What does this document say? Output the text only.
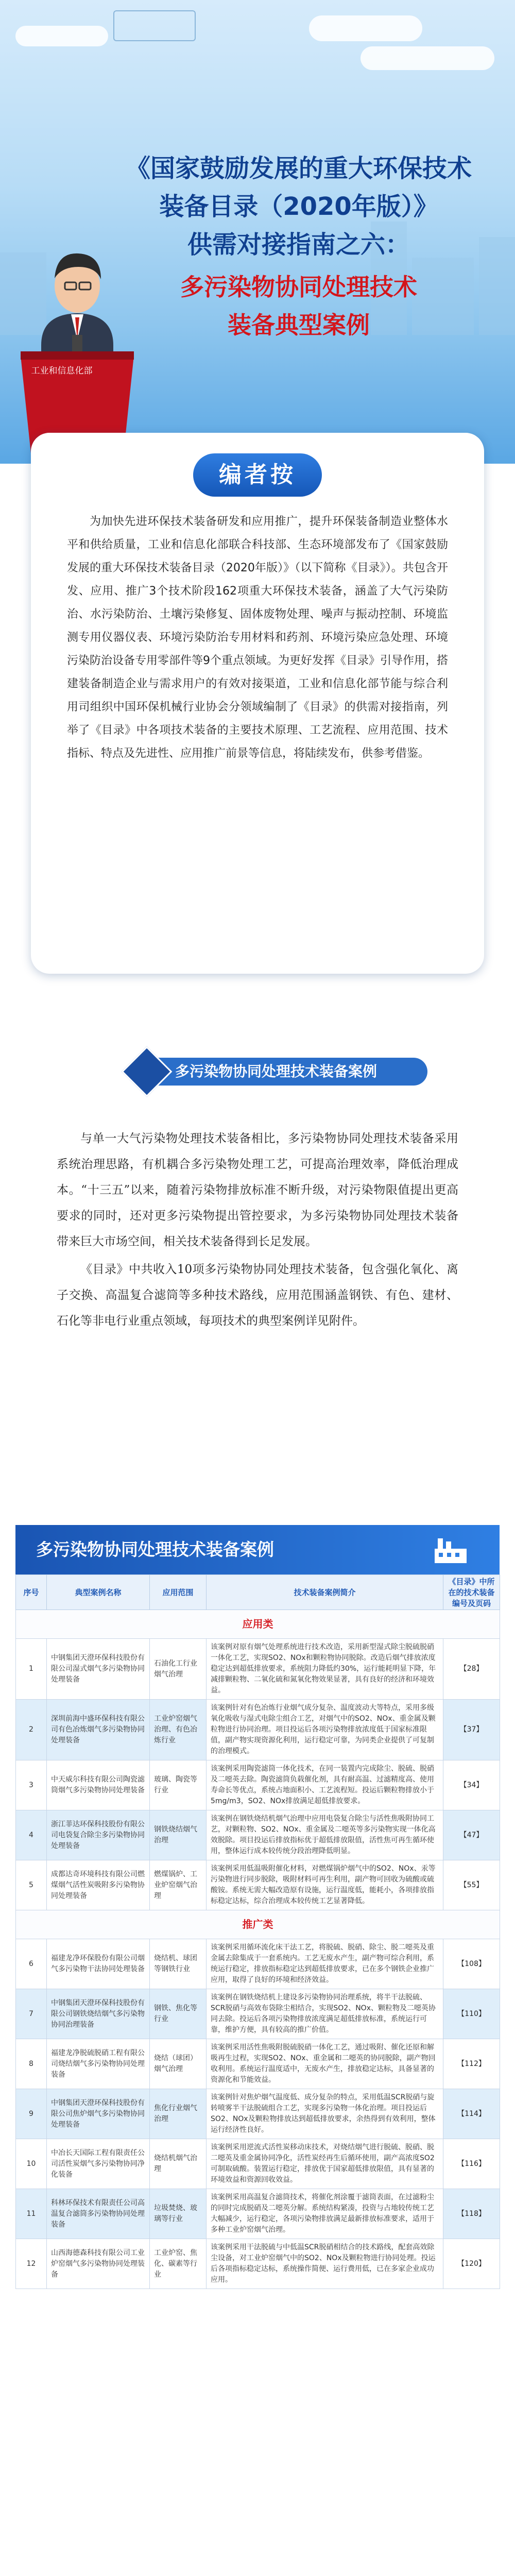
工业和信息化部
《国家鼓励发展的重大环保技术
装备目录（2020年版）》
供需对接指南之六：
多污染物协同处理技术
装备典型案例
编者按
为加快先进环保技术装备研发和应用推广，提升环保装备制造业整体水平和供给质量，工业和信息化部联合科技部、生态环境部发布了《国家鼓励发展的重大环保技术装备目录（2020年版）》（以下简称《目录》）。共包含开发、应用、推广3个技术阶段162项重大环保技术装备，涵盖了大气污染防治、水污染防治、土壤污染修复、固体废物处理、噪声与振动控制、环境监测专用仪器仪表、环境污染防治专用材料和药剂、环境污染应急处理、环境污染防治设备专用零部件等9个重点领域。为更好发挥《目录》引导作用，搭建装备制造企业与需求用户的有效对接渠道，工业和信息化部节能与综合利用司组织中国环保机械行业协会分领域编制了《目录》的供需对接指南，列举了《目录》中各项技术装备的主要技术原理、工艺流程、应用范围、技术指标、特点及先进性、应用推广前景等信息，将陆续发布，供参考借鉴。
多污染物协同处理技术装备案例

与单一大气污染物处理技术装备相比，多污染物协同处理技术装备采用系统治理思路，有机耦合多污染物处理工艺，可提高治理效率，降低治理成本。“十三五”以来，随着污染物排放标准不断升级，对污染物限值提出更高要求的同时，还对更多污染物提出管控要求，为多污染物协同处理技术装备带来巨大市场空间，相关技术装备得到长足发展。

《目录》中共收入10项多污染物协同处理技术装备，包含强化氧化、离子交换、高温复合滤筒等多种技术路线，应用范围涵盖钢铁、有色、建材、石化等非电行业重点领域，每项技术的典型案例详见附件。

多污染物协同处理技术装备案例
序号	典型案例名称	应用范围	技术装备案例简介	《目录》中所在的技术装备编号及页码
应用类				
1	中钢集团天澄环保科技股份有限公司湿式烟气多污染物协同处理装备	石油化工行业烟气治理	该案例对原有烟气处理系统进行技术改造，采用新型湿式除尘脱硫脱硝一体化工艺，实现SO2、NOx和颗粒物协同脱除。改造后烟气排放浓度稳定达到超低排放要求，系统阻力降低约30%，运行能耗明显下降，年减排颗粒物、二氧化硫和氮氧化物效果显著，具有良好的经济和环境效益。	【28】
2	深圳前海中盛环保科技有限公司有色冶炼烟气多污染物协同处理装备	工业炉窑烟气治理、有色冶炼行业	该案例针对有色冶炼行业烟气成分复杂、温度波动大等特点，采用多级氧化吸收与湿式电除尘组合工艺，对烟气中的SO2、NOx、重金属及颗粒物进行协同治理。项目投运后各项污染物排放浓度低于国家标准限值，副产物实现资源化利用，运行稳定可靠，为同类企业提供了可复制的治理模式。	【37】
3	中天威尔科技有限公司陶瓷滤筒烟气多污染物协同处理装备	玻璃、陶瓷等行业	该案例采用陶瓷滤筒一体化技术，在同一装置内完成除尘、脱硫、脱硝及二噁英去除。陶瓷滤筒负载催化剂，具有耐高温、过滤精度高、使用寿命长等优点，系统占地面积小、工艺流程短。投运后颗粒物排放小于5mg/m3，SO2、NOx排放满足超低排放要求。	【34】
4	浙江菲达环保科技股份有限公司电袋复合除尘多污染物协同处理装备	钢铁烧结烟气治理	该案例在钢铁烧结机烟气治理中应用电袋复合除尘与活性焦吸附协同工艺，对颗粒物、SO2、NOx、重金属及二噁英等多污染物实现一体化高效脱除。项目投运后排放指标优于超低排放限值，活性焦可再生循环使用，整体运行成本较传统分段治理降低明显。	【47】
5	成都达奇环境科技有限公司燃煤烟气活性炭吸附多污染物协同处理装备	燃煤锅炉、工业炉窑烟气治理	该案例采用低温吸附催化材料，对燃煤锅炉烟气中的SO2、NOx、汞等污染物进行同步脱除，吸附材料可再生利用，副产物可回收为硫酸或硫酸铵。系统无需大幅改造原有设施，运行温度低，能耗小，各项排放指标稳定达标，综合治理成本较传统工艺显著降低。	【55】
推广类				
6	福建龙净环保股份有限公司烟气多污染物干法协同处理装备	烧结机、球团等钢铁行业	该案例采用循环流化床干法工艺，将脱硫、脱硝、除尘、脱二噁英及重金属去除集成于一套系统内。工艺无废水产生，副产物可综合利用，系统运行稳定，排放指标稳定达到超低排放要求，已在多个钢铁企业推广应用，取得了良好的环境和经济效益。	【108】
7	中钢集团天澄环保科技股份有限公司钢铁烧结烟气多污染物协同治理装备	钢铁、焦化等行业	该案例在钢铁烧结机上建设多污染物协同治理系统，将半干法脱硫、SCR脱硝与高效布袋除尘相结合，实现SO2、NOx、颗粒物及二噁英协同去除。投运后各项污染物排放浓度满足超低排放标准，系统运行可靠，维护方便，具有较高的推广价值。	【110】
8	福建龙净脱硫脱硝工程有限公司烧结烟气多污染物协同处理装备	烧结（球团）烟气治理	该案例采用活性焦吸附脱硫脱硝一体化工艺，通过吸附、催化还原和解吸再生过程，实现SO2、NOx、重金属和二噁英的协同脱除，副产物回收利用。系统运行温度适中，无废水产生，排放稳定达标，具备显著的资源化和节能效益。	【112】
9	中钢集团天澄环保科技股份有限公司焦炉烟气多污染物协同处理装备	焦化行业烟气治理	该案例针对焦炉烟气温度低、成分复杂的特点，采用低温SCR脱硝与旋转喷雾半干法脱硫组合工艺，实现多污染物一体化治理。项目投运后SO2、NOx及颗粒物排放达到超低排放要求，余热得到有效利用，整体运行经济性良好。	【114】
10	中冶长天国际工程有限责任公司活性炭烟气多污染物协同净化装备	烧结机烟气治理	该案例采用逆流式活性炭移动床技术，对烧结烟气进行脱硫、脱硝、脱二噁英及重金属协同净化，活性炭经再生后循环使用，副产高浓度SO2可制取硫酸。装置运行稳定，排放优于国家超低排放限值，具有显著的环境效益和资源回收效益。	【116】
11	科林环保技术有限责任公司高温复合滤筒多污染物协同处理装备	垃圾焚烧、玻璃等行业	该案例采用高温复合滤筒技术，将催化剂涂覆于滤筒表面，在过滤粉尘的同时完成脱硝及二噁英分解。系统结构紧凑，投资与占地较传统工艺大幅减少，运行稳定，各项污染物排放满足最新排放标准要求，适用于多种工业炉窑烟气治理。	【118】
12	山西海德森科技有限公司工业炉窑烟气多污染物协同处理装备	工业炉窑、焦化、碳素等行业	该案例采用干法脱硫与中低温SCR脱硝相结合的技术路线，配套高效除尘设备，对工业炉窑烟气中的SO2、NOx及颗粒物进行协同处理。投运后各项指标稳定达标，系统操作简便、运行费用低，已在多家企业成功应用。	【120】
